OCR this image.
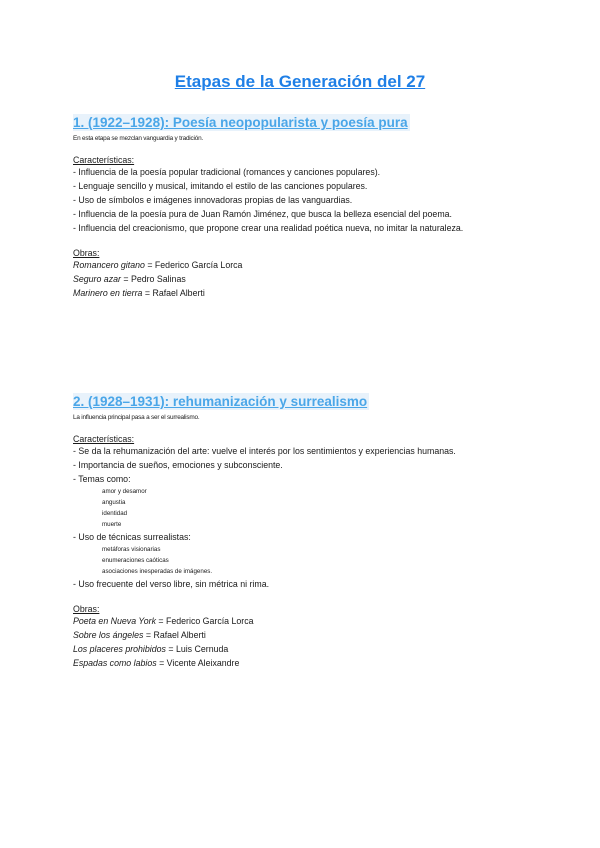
Etapas de la Generación del 27
1. (1922–1928): Poesía neopopularista y poesía pura
En esta etapa se mezclan vanguardia y tradición.
Características:
- Influencia de la poesía popular tradicional (romances y canciones populares).
- Lenguaje sencillo y musical, imitando el estilo de las canciones populares.
- Uso de símbolos e imágenes innovadoras propias de las vanguardias.
- Influencia de la poesía pura de Juan Ramón Jiménez, que busca la belleza esencial del poema.
- Influencia del creacionismo, que propone crear una realidad poética nueva, no imitar la naturaleza.
Obras:
Romancero gitano = Federico García Lorca
Seguro azar = Pedro Salinas
Marinero en tierra = Rafael Alberti
2. (1928–1931): rehumanización y surrealismo
La influencia principal pasa a ser el surrealismo.
Características:
- Se da la rehumanización del arte: vuelve el interés por los sentimientos y experiencias humanas.
- Importancia de sueños, emociones y subconsciente.
- Temas como:
amor y desamor
angustia
identidad
muerte
- Uso de técnicas surrealistas:
metáforas visionarias
enumeraciones caóticas
asociaciones inesperadas de imágenes.
- Uso frecuente del verso libre, sin métrica ni rima.
Obras:
Poeta en Nueva York = Federico García Lorca
Sobre los ángeles = Rafael Alberti
Los placeres prohibidos = Luis Cernuda
Espadas como labios = Vicente Aleixandre
